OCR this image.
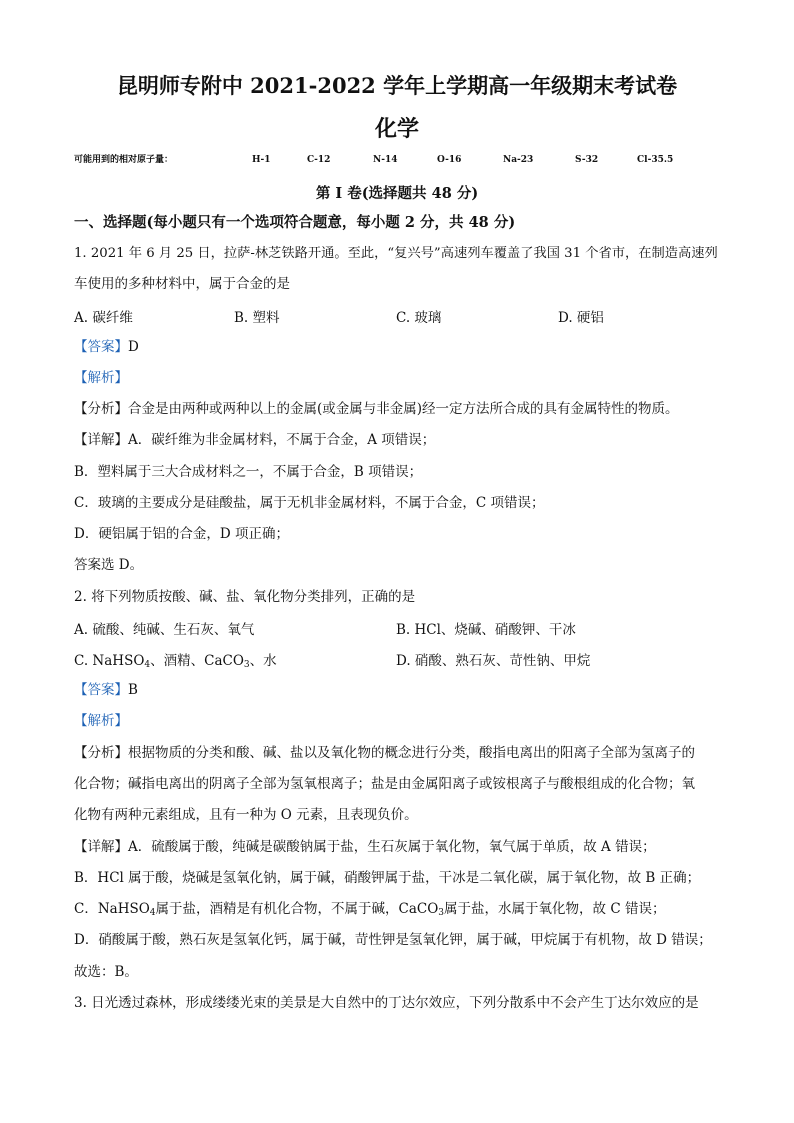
昆明师专附中 2021-2022 学年上学期高一年级期末考试卷
化学
可能用到的相对原子量：	H-1	C-12	N-14	O-16	Na-23	S-32	Cl-35.5
第 I 卷(选择题共 48 分)
一、选择题(每小题只有一个选项符合题意，每小题 2 分，共 48 分)
1. 2021 年 6 月 25 日，拉萨-林芝铁路开通。至此，“复兴号”高速列车覆盖了我国 31 个省市，在制造高速列
车使用的多种材料中，属于合金的是
A. 碳纤维	B. 塑料	C. 玻璃	D. 硬铝
【答案】D
【解析】
【分析】合金是由两种或两种以上的金属(或金属与非金属)经一定方法所合成的具有金属特性的物质。
【详解】A．碳纤维为非金属材料，不属于合金，A 项错误；
B．塑料属于三大合成材料之一，不属于合金，B 项错误；
C．玻璃的主要成分是硅酸盐，属于无机非金属材料，不属于合金，C 项错误；
D．硬铝属于铝的合金，D 项正确；
答案选 D。
2. 将下列物质按酸、碱、盐、氧化物分类排列，正确的是
A. 硫酸、纯碱、生石灰、氧气	B. HCl、烧碱、硝酸钾、干冰
C. NaHSO$_4$、酒精、CaCO$_3$、水	D. 硝酸、熟石灰、苛性钠、甲烷
【答案】B
【解析】
【分析】根据物质的分类和酸、碱、盐以及氧化物的概念进行分类，酸指电离出的阳离子全部为氢离子的
化合物；碱指电离出的阴离子全部为氢氧根离子；盐是由金属阳离子或铵根离子与酸根组成的化合物；氧
化物有两种元素组成，且有一种为 O 元素，且表现负价。
【详解】A．硫酸属于酸，纯碱是碳酸钠属于盐，生石灰属于氧化物，氧气属于单质，故 A 错误；
B．HCl 属于酸，烧碱是氢氧化钠，属于碱，硝酸钾属于盐，干冰是二氧化碳，属于氧化物，故 B 正确；
C．NaHSO$_4$属于盐，酒精是有机化合物，不属于碱，CaCO$_3$属于盐，水属于氧化物，故 C 错误；
D．硝酸属于酸，熟石灰是氢氧化钙，属于碱，苛性钾是氢氧化钾，属于碱，甲烷属于有机物，故 D 错误；
故选：B。
3. 日光透过森林，形成缕缕光束的美景是大自然中的丁达尔效应，下列分散系中不会产生丁达尔效应的是
